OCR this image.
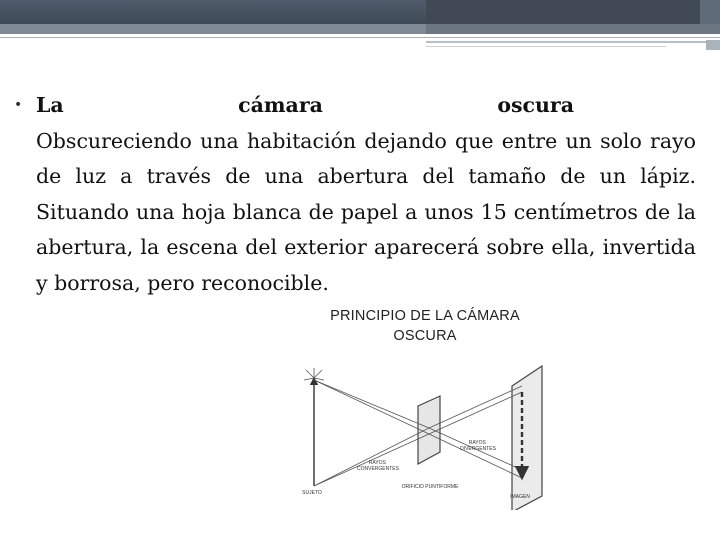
• La	cámara	oscura
Obscureciendo una habitación dejando que entre un solo rayo de luz a través de una abertura del tamaño de un lápiz. Situando una hoja blanca de papel a unos 15 centímetros de la abertura, la escena del exterior aparecerá sobre ella, invertida y borrosa, pero reconocible.
PRINCIPIO DE LA CÁMARA
OSCURA
RAYOS CONVERGENTES
RAYOS DIVERGENTES
ORIFICIO PUNTIFORME
SUJETO
IMAGEN
